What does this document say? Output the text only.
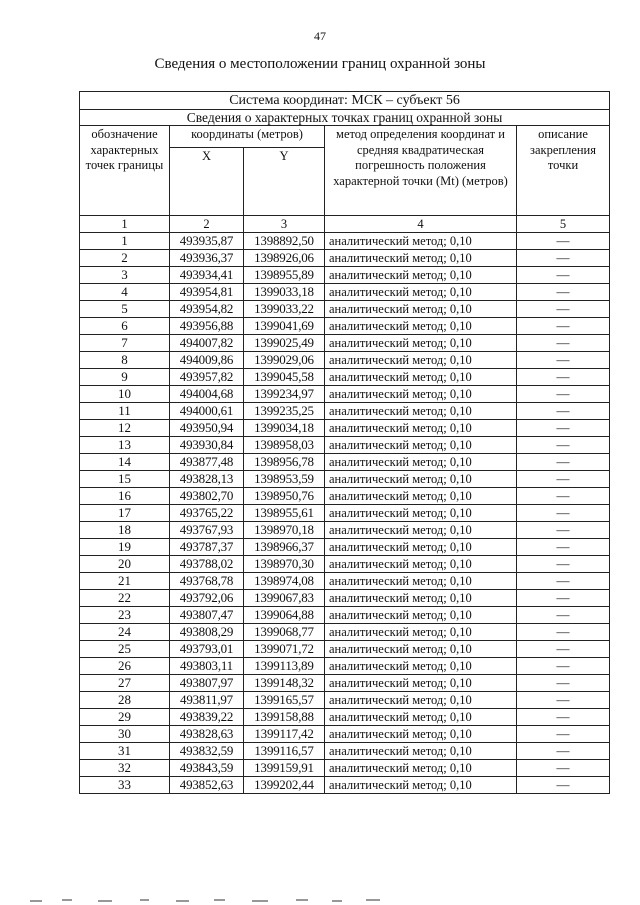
47
Сведения о местоположении границ охранной зоны
Система координат: МСК – субъект 56				
Сведения о характерных точках границ охранной зоны				
обозначение характерных точек границы	координаты (метров)		метод определения координат и средняя квадратическая погрешность положения характерной точки (Mt) (метров)	описание закрепления точки
	X	Y		
1	2	3	4	5
1	493935,87	1398892,50	аналитический метод; 0,10	—
2	493936,37	1398926,06	аналитический метод; 0,10	—
3	493934,41	1398955,89	аналитический метод; 0,10	—
4	493954,81	1399033,18	аналитический метод; 0,10	—
5	493954,82	1399033,22	аналитический метод; 0,10	—
6	493956,88	1399041,69	аналитический метод; 0,10	—
7	494007,82	1399025,49	аналитический метод; 0,10	—
8	494009,86	1399029,06	аналитический метод; 0,10	—
9	493957,82	1399045,58	аналитический метод; 0,10	—
10	494004,68	1399234,97	аналитический метод; 0,10	—
11	494000,61	1399235,25	аналитический метод; 0,10	—
12	493950,94	1399034,18	аналитический метод; 0,10	—
13	493930,84	1398958,03	аналитический метод; 0,10	—
14	493877,48	1398956,78	аналитический метод; 0,10	—
15	493828,13	1398953,59	аналитический метод; 0,10	—
16	493802,70	1398950,76	аналитический метод; 0,10	—
17	493765,22	1398955,61	аналитический метод; 0,10	—
18	493767,93	1398970,18	аналитический метод; 0,10	—
19	493787,37	1398966,37	аналитический метод; 0,10	—
20	493788,02	1398970,30	аналитический метод; 0,10	—
21	493768,78	1398974,08	аналитический метод; 0,10	—
22	493792,06	1399067,83	аналитический метод; 0,10	—
23	493807,47	1399064,88	аналитический метод; 0,10	—
24	493808,29	1399068,77	аналитический метод; 0,10	—
25	493793,01	1399071,72	аналитический метод; 0,10	—
26	493803,11	1399113,89	аналитический метод; 0,10	—
27	493807,97	1399148,32	аналитический метод; 0,10	—
28	493811,97	1399165,57	аналитический метод; 0,10	—
29	493839,22	1399158,88	аналитический метод; 0,10	—
30	493828,63	1399117,42	аналитический метод; 0,10	—
31	493832,59	1399116,57	аналитический метод; 0,10	—
32	493843,59	1399159,91	аналитический метод; 0,10	—
33	493852,63	1399202,44	аналитический метод; 0,10	—
